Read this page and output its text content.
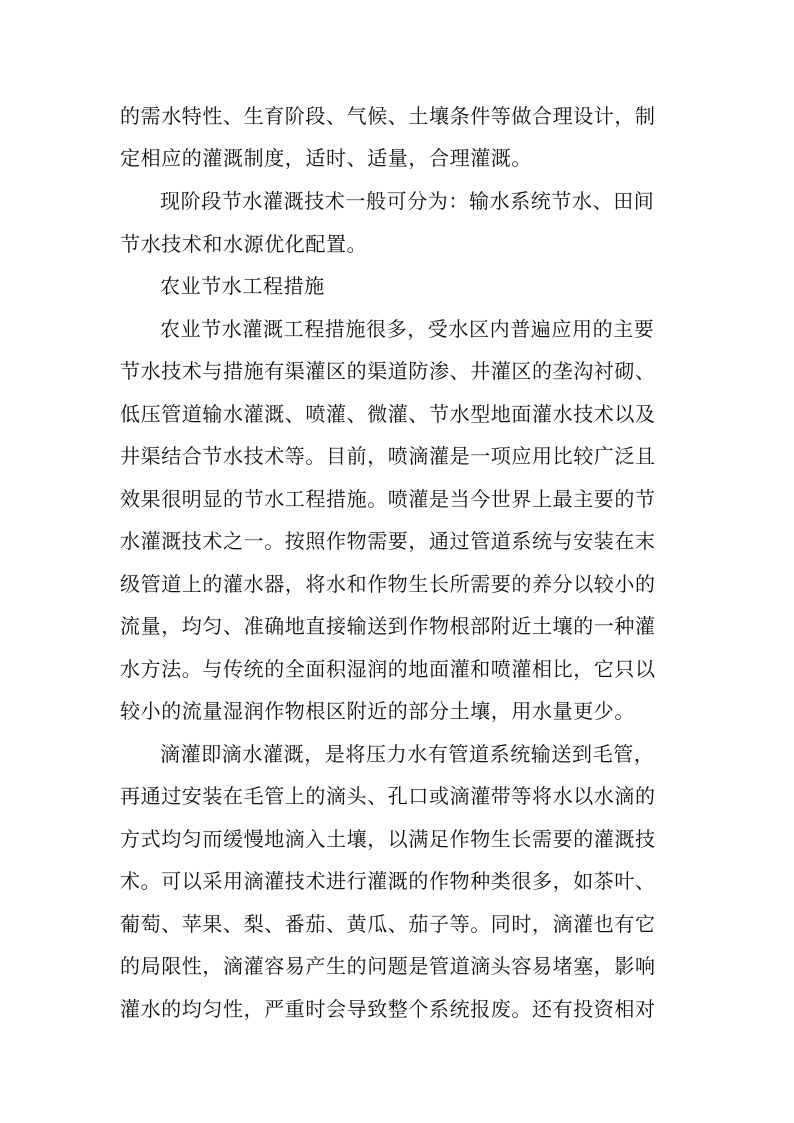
的需水特性、生育阶段、气候、土壤条件等做合理设计，制
定相应的灌溉制度，适时、适量，合理灌溉。
现阶段节水灌溉技术一般可分为：输水系统节水、田间
节水技术和水源优化配置。
农业节水工程措施
农业节水灌溉工程措施很多，受水区内普遍应用的主要
节水技术与措施有渠灌区的渠道防渗、井灌区的垄沟衬砌、
低压管道输水灌溉、喷灌、微灌、节水型地面灌水技术以及
井渠结合节水技术等。目前，喷滴灌是一项应用比较广泛且
效果很明显的节水工程措施。喷灌是当今世界上最主要的节
水灌溉技术之一。按照作物需要，通过管道系统与安装在末
级管道上的灌水器，将水和作物生长所需要的养分以较小的
流量，均匀、准确地直接输送到作物根部附近土壤的一种灌
水方法。与传统的全面积湿润的地面灌和喷灌相比，它只以
较小的流量湿润作物根区附近的部分土壤，用水量更少。
滴灌即滴水灌溉，是将压力水有管道系统输送到毛管，
再通过安装在毛管上的滴头、孔口或滴灌带等将水以水滴的
方式均匀而缓慢地滴入土壤，以满足作物生长需要的灌溉技
术。可以采用滴灌技术进行灌溉的作物种类很多，如茶叶、
葡萄、苹果、梨、番茄、黄瓜、茄子等。同时，滴灌也有它
的局限性，滴灌容易产生的问题是管道滴头容易堵塞，影响
灌水的均匀性，严重时会导致整个系统报废。还有投资相对
